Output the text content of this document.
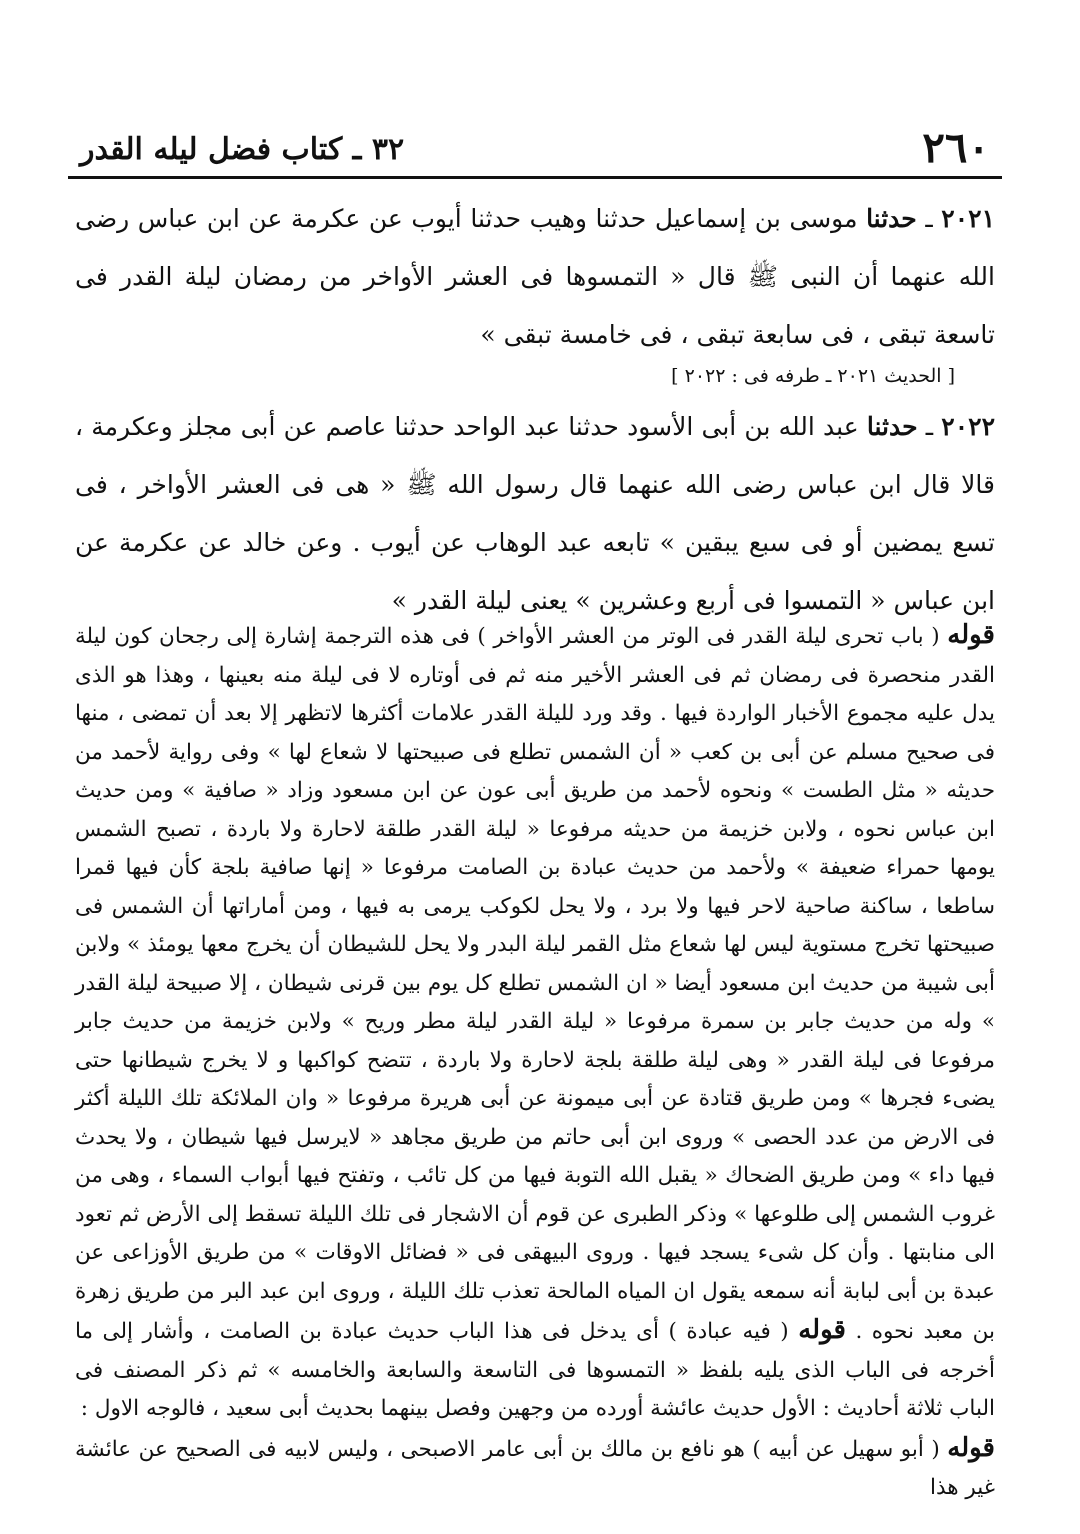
٢٦٠
٣٢ ـ كتاب فضل ليله القدر
٢٠٢١ ـ حدثنا موسى بن إسماعيل حدثنا وهيب حدثنا أيوب عن عكرمة عن ابن عباس رضى الله عنهما أن النبى ﷺ قال « التمسوها فى العشر الأواخر من رمضان ليلة القدر فى تاسعة تبقى ، فى سابعة تبقى ، فى خامسة تبقى »
[ الحديث ٢٠٢١ ـ طرفه فى : ٢٠٢٢ ]
٢٠٢٢ ـ حدثنا عبد الله بن أبى الأسود حدثنا عبد الواحد حدثنا عاصم عن أبى مجلز وعكرمة ، قالا قال ابن عباس رضى الله عنهما قال رسول الله ﷺ « هى فى العشر الأواخر ، فى تسع يمضين أو فى سبع يبقين » تابعه عبد الوهاب عن أيوب . وعن خالد عن عكرمة عن ابن عباس « التمسوا فى أربع وعشرين » يعنى ليلة القدر »
قوله ( باب تحرى ليلة القدر فى الوتر من العشر الأواخر ) فى هذه الترجمة إشارة إلى رجحان كون ليلة القدر منحصرة فى رمضان ثم فى العشر الأخير منه ثم فى أوتاره لا فى ليلة منه بعينها ، وهذا هو الذى يدل عليه مجموع الأخبار الواردة فيها . وقد ورد لليلة القدر علامات أكثرها لاتظهر إلا بعد أن تمضى ، منها فى صحيح مسلم عن أبى بن كعب « أن الشمس تطلع فى صبيحتها لا شعاع لها » وفى رواية لأحمد من حديثه « مثل الطست » ونحوه لأحمد من طريق أبى عون عن ابن مسعود وزاد « صافية » ومن حديث ابن عباس نحوه ، ولابن خزيمة من حديثه مرفوعا « ليلة القدر طلقة لاحارة ولا باردة ، تصبح الشمس يومها حمراء ضعيفة » ولأحمد من حديث عبادة بن الصامت مرفوعا « إنها صافية بلجة كأن فيها قمرا ساطعا ، ساكنة صاحية لاحر فيها ولا برد ، ولا يحل لكوكب يرمى به فيها ، ومن أماراتها أن الشمس فى صبيحتها تخرج مستوية ليس لها شعاع مثل القمر ليلة البدر ولا يحل للشيطان أن يخرج معها يومئذ » ولابن أبى شيبة من حديث ابن مسعود أيضا « ان الشمس تطلع كل يوم بين قرنى شيطان ، إلا صبيحة ليلة القدر » وله من حديث جابر بن سمرة مرفوعا « ليلة القدر ليلة مطر وريح » ولابن خزيمة من حديث جابر مرفوعا فى ليلة القدر « وهى ليلة طلقة بلجة لاحارة ولا باردة ، تتضح كواكبها و لا يخرج شيطانها حتى يضىء فجرها » ومن طريق قتادة عن أبى ميمونة عن أبى هريرة مرفوعا « وان الملائكة تلك الليلة أكثر فى الارض من عدد الحصى » وروى ابن أبى حاتم من طريق مجاهد « لايرسل فيها شيطان ، ولا يحدث فيها داء » ومن طريق الضحاك « يقبل الله التوبة فيها من كل تائب ، وتفتح فيها أبواب السماء ، وهى من غروب الشمس إلى طلوعها » وذكر الطبرى عن قوم أن الاشجار فى تلك الليلة تسقط إلى الأرض ثم تعود الى منابتها . وأن كل شىء يسجد فيها . وروى البيهقى فى « فضائل الاوقات » من طريق الأوزاعى عن عبدة بن أبى لبابة أنه سمعه يقول ان المياه المالحة تعذب تلك الليلة ، وروى ابن عبد البر من طريق زهرة بن معبد نحوه . قوله ( فيه عبادة ) أى يدخل فى هذا الباب حديث عبادة بن الصامت ، وأشار إلى ما أخرجه فى الباب الذى يليه بلفظ « التمسوها فى التاسعة والسابعة والخامسه » ثم ذكر المصنف فى الباب ثلاثة أحاديث : الأول حديث عائشة أورده من وجهين وفصل بينهما بحديث أبى سعيد ، فالوجه الاول :
قوله ( أبو سهيل عن أبيه ) هو نافع بن مالك بن أبى عامر الاصبحى ، وليس لابيه فى الصحيح عن عائشة غير هذا
